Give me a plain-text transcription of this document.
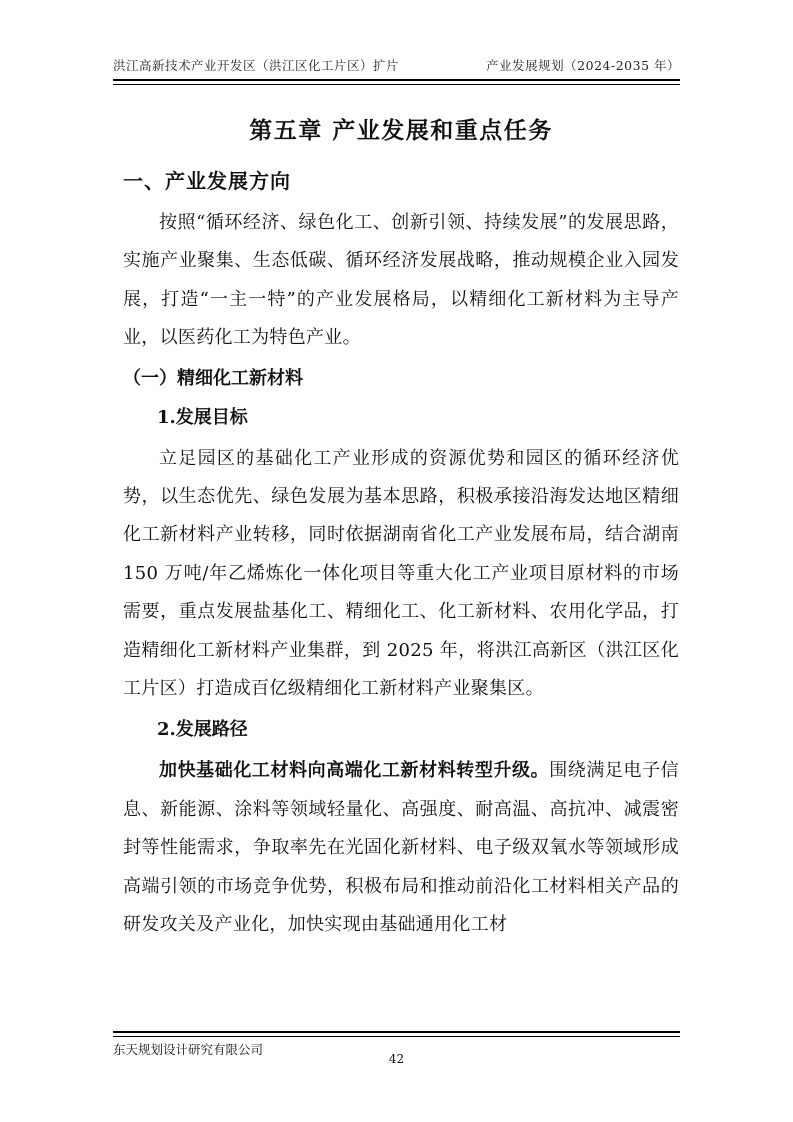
洪江高新技术产业开发区（洪江区化工片区）扩片	产业发展规划（2024-2035 年）
第五章 产业发展和重点任务
一、产业发展方向

按照“循环经济、绿色化工、创新引领、持续发展”的发展思路，实施产业聚集、生态低碳、循环经济发展战略，推动规模企业入园发展，打造“一主一特”的产业发展格局，以精细化工新材料为主导产业，以医药化工为特色产业。

（一）精细化工新材料
1.发展目标

立足园区的基础化工产业形成的资源优势和园区的循环经济优势，以生态优先、绿色发展为基本思路，积极承接沿海发达地区精细化工新材料产业转移，同时依据湖南省化工产业发展布局，结合湖南 150 万吨/年乙烯炼化一体化项目等重大化工产业项目原材料的市场需要，重点发展盐基化工、精细化工、化工新材料、农用化学品，打造精细化工新材料产业集群，到 2025 年，将洪江高新区（洪江区化工片区）打造成百亿级精细化工新材料产业聚集区。

2.发展路径

加快基础化工材料向高端化工新材料转型升级。围绕满足电子信息、新能源、涂料等领域轻量化、高强度、耐高温、高抗冲、减震密封等性能需求，争取率先在光固化新材料、电子级双氧水等领域形成高端引领的市场竞争优势，积极布局和推动前沿化工材料相关产品的研发攻关及产业化，加快实现由基础通用化工材

东天规划设计研究有限公司
42
